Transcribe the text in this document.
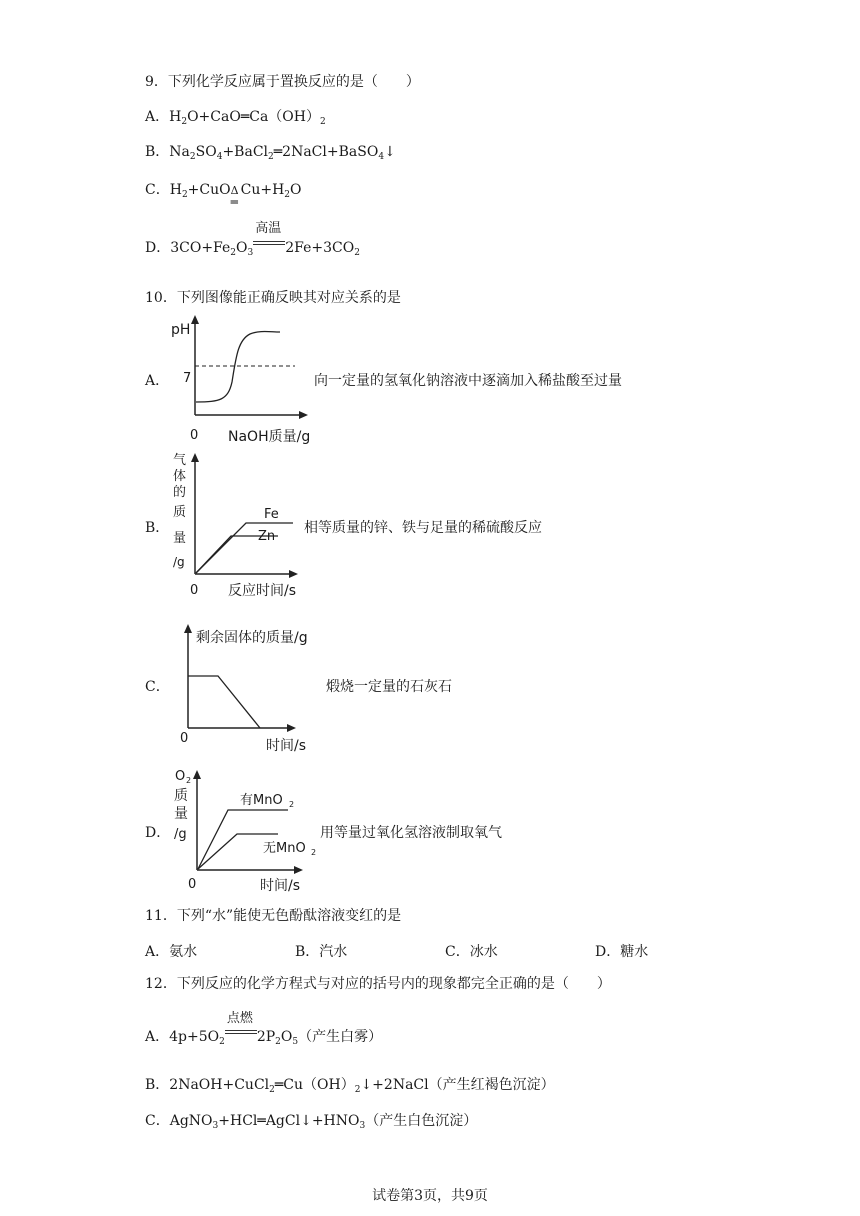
9．下列化学反应属于置换反应的是（　　）
A．$H_2O+CaO═Ca(OH)_2$
B．$Na_2SO_4+BaCl_2═2NaCl+BaSO_4↓$
C．$H_2+CuO$ Δ
═
$Cu+H_2O$
D．$3CO+Fe_2O_3$
高温
$2Fe+3CO_2$
10．下列图像能正确反映其对应关系的是
A．
pH
7
0 NaOH质量/g
向一定量的氢氧化钠溶液中逐滴加入稀盐酸至过量
B．
气
体
的
质
量
/g
Fe
Zn
0 反应时间/s
相等质量的锌、铁与足量的稀硫酸反应
C．
剩余固体的质量/g
0	时间/s
煅烧一定量的石灰石
D．
O 2
质
量
/g
有MnO 2
无MnO 2
0	时间/s
用等量过氧化氢溶液制取氧气
11．下列“水”能使无色酚酞溶液变红的是
A．氨水	B．汽水	C．冰水	D．糖水
12．下列反应的化学方程式与对应的括号内的现象都完全正确的是（　　）
A．$4p+5O_2$
点燃
$2P_2O_5$（产生白雾）
B．$2NaOH+CuCl_2═Cu(OH)_2↓+2NaCl$（产生红褐色沉淀）
C．$AgNO_3+HCl═AgCl↓+HNO_3$（产生白色沉淀）
试卷第3页，共9页
